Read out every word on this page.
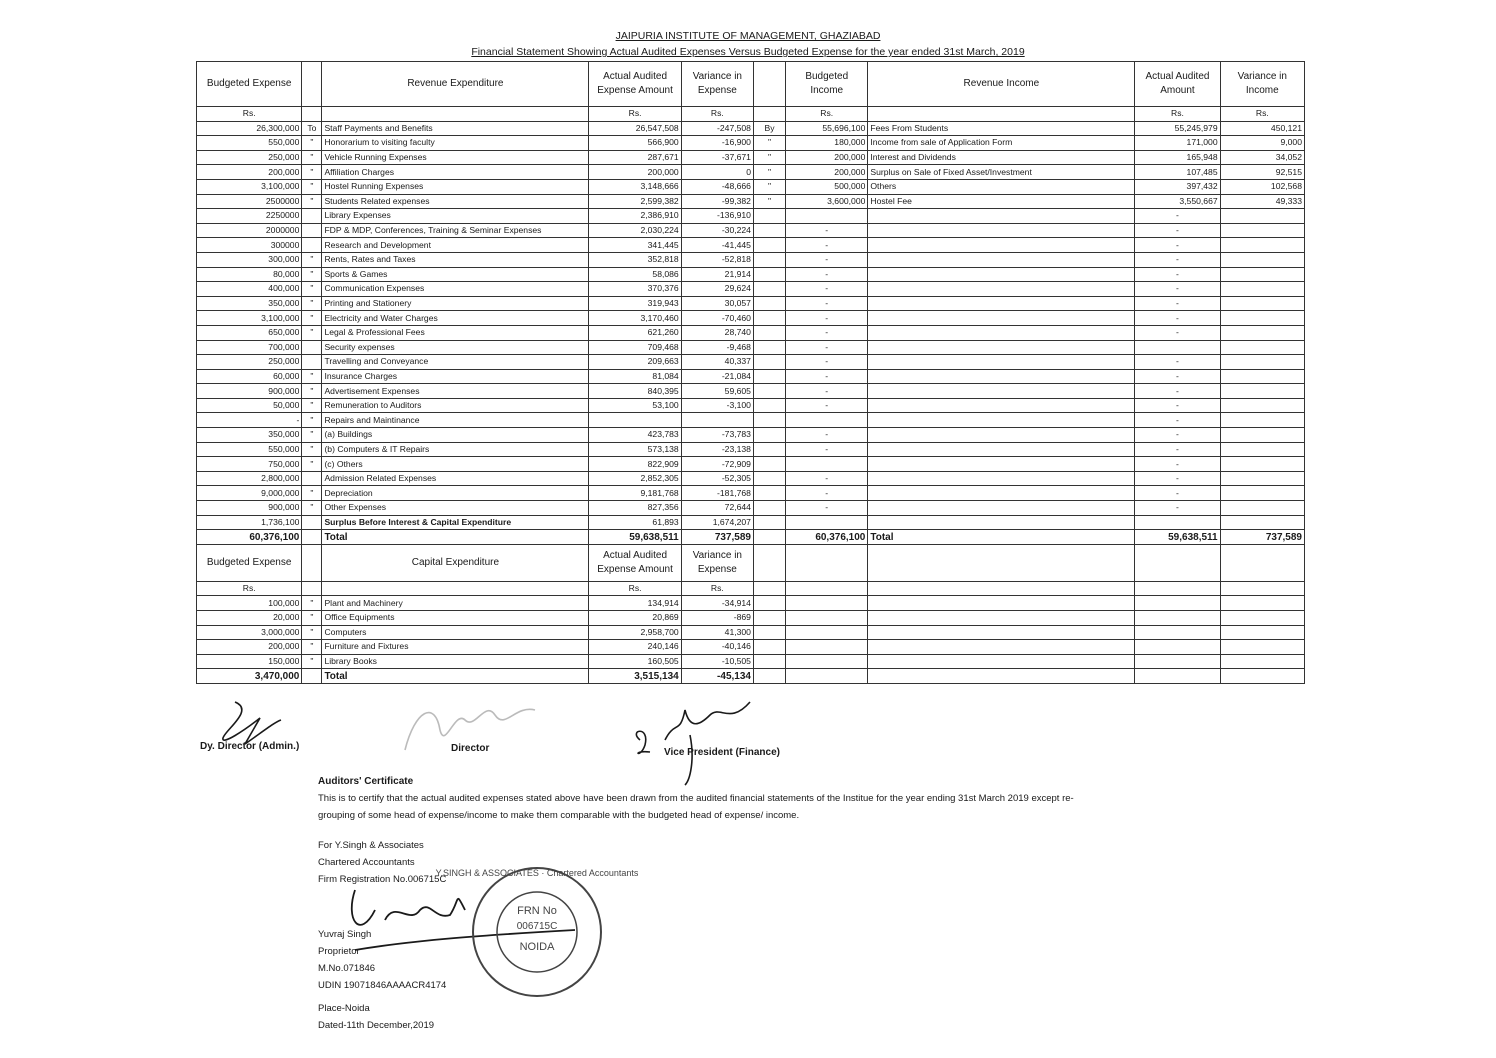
JAIPURIA INSTITUTE OF MANAGEMENT, GHAZIABAD
Financial Statement Showing Actual Audited Expenses Versus Budgeted Expense for the year ended 31st March, 2019
Budgeted Expense		Revenue Expenditure	Actual Audited Expense Amount	Variance in Expense		Budgeted Income	Revenue Income	Actual Audited Amount	Variance in Income
Rs.			Rs.	Rs.		Rs.		Rs.	Rs.
26,300,000	To	Staff Payments and Benefits	26,547,508	-247,508	By	55,696,100	Fees From Students	55,245,979	450,121
550,000	"	Honorarium to visiting faculty	566,900	-16,900	"	180,000	Income from sale of Application Form	171,000	9,000
250,000	"	Vehicle Running Expenses	287,671	-37,671	"	200,000	Interest and Dividends	165,948	34,052
200,000	"	Affiliation Charges	200,000	0	"	200,000	Surplus on Sale of Fixed Asset/Investment	107,485	92,515
3,100,000	"	Hostel Running Expenses	3,148,666	-48,666	"	500,000	Others	397,432	102,568
2500000	"	Students Related expenses	2,599,382	-99,382	"	3,600,000	Hostel Fee	3,550,667	49,333
2250000		Library Expenses	2,386,910	-136,910				-	
2000000		FDP & MDP, Conferences, Training & Seminar Expenses	2,030,224	-30,224		-		-	
300000		Research and Development	341,445	-41,445		-		-	
300,000	"	Rents, Rates and Taxes	352,818	-52,818		-		-	
80,000	"	Sports & Games	58,086	21,914		-		-	
400,000	"	Communication Expenses	370,376	29,624		-		-	
350,000	"	Printing and Stationery	319,943	30,057		-		-	
3,100,000	"	Electricity and Water Charges	3,170,460	-70,460		-		-	
650,000	"	Legal & Professional Fees	621,260	28,740		-		-	
700,000		Security expenses	709,468	-9,468		-			
250,000		Travelling and Conveyance	209,663	40,337		-		-	
60,000	"	Insurance Charges	81,084	-21,084		-		-	
900,000	"	Advertisement Expenses	840,395	59,605		-		-	
50,000	"	Remuneration to Auditors	53,100	-3,100		-		-	
-	"	Repairs and Maintinance						-	
350,000	"	(a) Buildings	423,783	-73,783		-		-	
550,000	"	(b) Computers & IT Repairs	573,138	-23,138		-		-	
750,000	"	(c) Others	822,909	-72,909				-	
2,800,000		Admission Related Expenses	2,852,305	-52,305		-		-	
9,000,000	"	Depreciation	9,181,768	-181,768		-		-	
900,000	"	Other Expenses	827,356	72,644		-		-	
1,736,100		Surplus Before Interest & Capital Expenditure	61,893	1,674,207					
60,376,100		Total	59,638,511	737,589		60,376,100	Total	59,638,511	737,589
Budgeted Expense		Capital Expenditure	Actual Audited Expense Amount	Variance in Expense					
Rs.			Rs.	Rs.					
100,000	"	Plant and Machinery	134,914	-34,914					
20,000	"	Office Equipments	20,869	-869					
3,000,000	"	Computers	2,958,700	41,300					
200,000	"	Furniture and Fixtures	240,146	-40,146					
150,000	"	Library Books	160,505	-10,505					
3,470,000		Total	3,515,134	-45,134					
Dy. Director (Admin.)	Director	Vice President (Finance)
Auditors' Certificate
This is to certify that the actual audited expenses stated above have been drawn from the audited financial statements of the Institue for the year ending 31st March 2019 except re-grouping of some head of expense/income to make them comparable with the budgeted head of expense/ income.
For Y.Singh & Associates
Chartered Accountants
Firm Registration No.006715C
Yuvraj Singh
Proprietor
M.No.071846
UDIN 19071846AAAACR4174
Place-Noida
Dated-11th December,2019
FRN No
006715C
NOIDA
Y.SINGH & ASSOCIATES · Chartered Accountants
